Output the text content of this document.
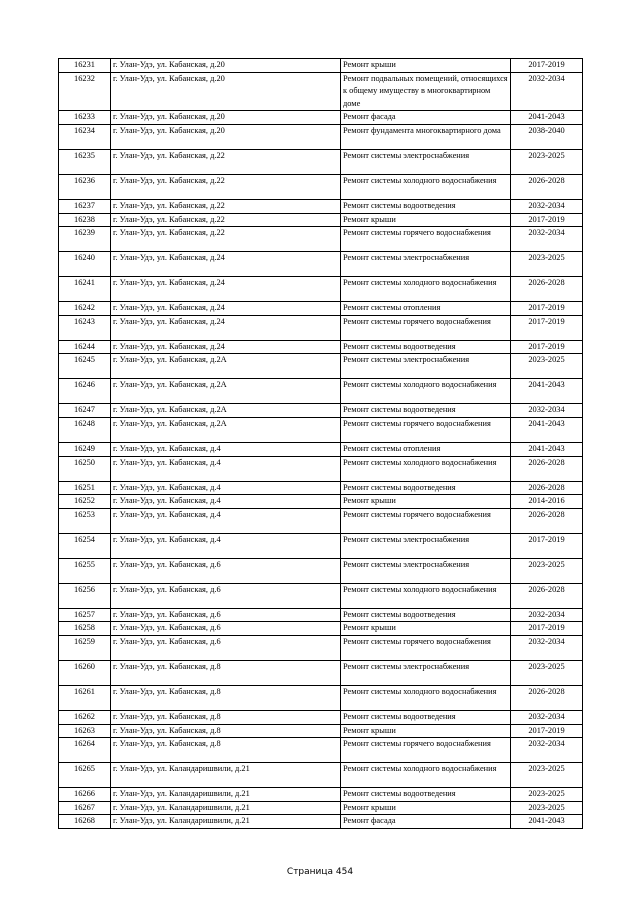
16231	г. Улан-Удэ, ул. Кабанская, д.20	Ремонт крыши	2017-2019
16232	г. Улан-Удэ, ул. Кабанская, д.20	Ремонт подвальных помещений, относящихся к общему имуществу в многоквартирном доме	2032-2034
16233	г. Улан-Удэ, ул. Кабанская, д.20	Ремонт фасада	2041-2043
16234	г. Улан-Удэ, ул. Кабанская, д.20	Ремонт фундамента многоквартирного дома	2038-2040
16235	г. Улан-Удэ, ул. Кабанская, д.22	Ремонт системы электроснабжения	2023-2025
16236	г. Улан-Удэ, ул. Кабанская, д.22	Ремонт системы холодного водоснабжения	2026-2028
16237	г. Улан-Удэ, ул. Кабанская, д.22	Ремонт системы водоотведения	2032-2034
16238	г. Улан-Удэ, ул. Кабанская, д.22	Ремонт крыши	2017-2019
16239	г. Улан-Удэ, ул. Кабанская, д.22	Ремонт системы горячего водоснабжения	2032-2034
16240	г. Улан-Удэ, ул. Кабанская, д.24	Ремонт системы электроснабжения	2023-2025
16241	г. Улан-Удэ, ул. Кабанская, д.24	Ремонт системы холодного водоснабжения	2026-2028
16242	г. Улан-Удэ, ул. Кабанская, д.24	Ремонт системы отопления	2017-2019
16243	г. Улан-Удэ, ул. Кабанская, д.24	Ремонт системы горячего водоснабжения	2017-2019
16244	г. Улан-Удэ, ул. Кабанская, д.24	Ремонт системы водоотведения	2017-2019
16245	г. Улан-Удэ, ул. Кабанская, д.2А	Ремонт системы электроснабжения	2023-2025
16246	г. Улан-Удэ, ул. Кабанская, д.2А	Ремонт системы холодного водоснабжения	2041-2043
16247	г. Улан-Удэ, ул. Кабанская, д.2А	Ремонт системы водоотведения	2032-2034
16248	г. Улан-Удэ, ул. Кабанская, д.2А	Ремонт системы горячего водоснабжения	2041-2043
16249	г. Улан-Удэ, ул. Кабанская, д.4	Ремонт системы отопления	2041-2043
16250	г. Улан-Удэ, ул. Кабанская, д.4	Ремонт системы холодного водоснабжения	2026-2028
16251	г. Улан-Удэ, ул. Кабанская, д.4	Ремонт системы водоотведения	2026-2028
16252	г. Улан-Удэ, ул. Кабанская, д.4	Ремонт крыши	2014-2016
16253	г. Улан-Удэ, ул. Кабанская, д.4	Ремонт системы горячего водоснабжения	2026-2028
16254	г. Улан-Удэ, ул. Кабанская, д.4	Ремонт системы электроснабжения	2017-2019
16255	г. Улан-Удэ, ул. Кабанская, д.6	Ремонт системы электроснабжения	2023-2025
16256	г. Улан-Удэ, ул. Кабанская, д.6	Ремонт системы холодного водоснабжения	2026-2028
16257	г. Улан-Удэ, ул. Кабанская, д.6	Ремонт системы водоотведения	2032-2034
16258	г. Улан-Удэ, ул. Кабанская, д.6	Ремонт крыши	2017-2019
16259	г. Улан-Удэ, ул. Кабанская, д.6	Ремонт системы горячего водоснабжения	2032-2034
16260	г. Улан-Удэ, ул. Кабанская, д.8	Ремонт системы электроснабжения	2023-2025
16261	г. Улан-Удэ, ул. Кабанская, д.8	Ремонт системы холодного водоснабжения	2026-2028
16262	г. Улан-Удэ, ул. Кабанская, д.8	Ремонт системы водоотведения	2032-2034
16263	г. Улан-Удэ, ул. Кабанская, д.8	Ремонт крыши	2017-2019
16264	г. Улан-Удэ, ул. Кабанская, д.8	Ремонт системы горячего водоснабжения	2032-2034
16265	г. Улан-Удэ, ул. Каландаришвили, д.21	Ремонт системы холодного водоснабжения	2023-2025
16266	г. Улан-Удэ, ул. Каландаришвили, д.21	Ремонт системы водоотведения	2023-2025
16267	г. Улан-Удэ, ул. Каландаришвили, д.21	Ремонт крыши	2023-2025
16268	г. Улан-Удэ, ул. Каландаришвили, д.21	Ремонт фасада	2041-2043
Страница 454
